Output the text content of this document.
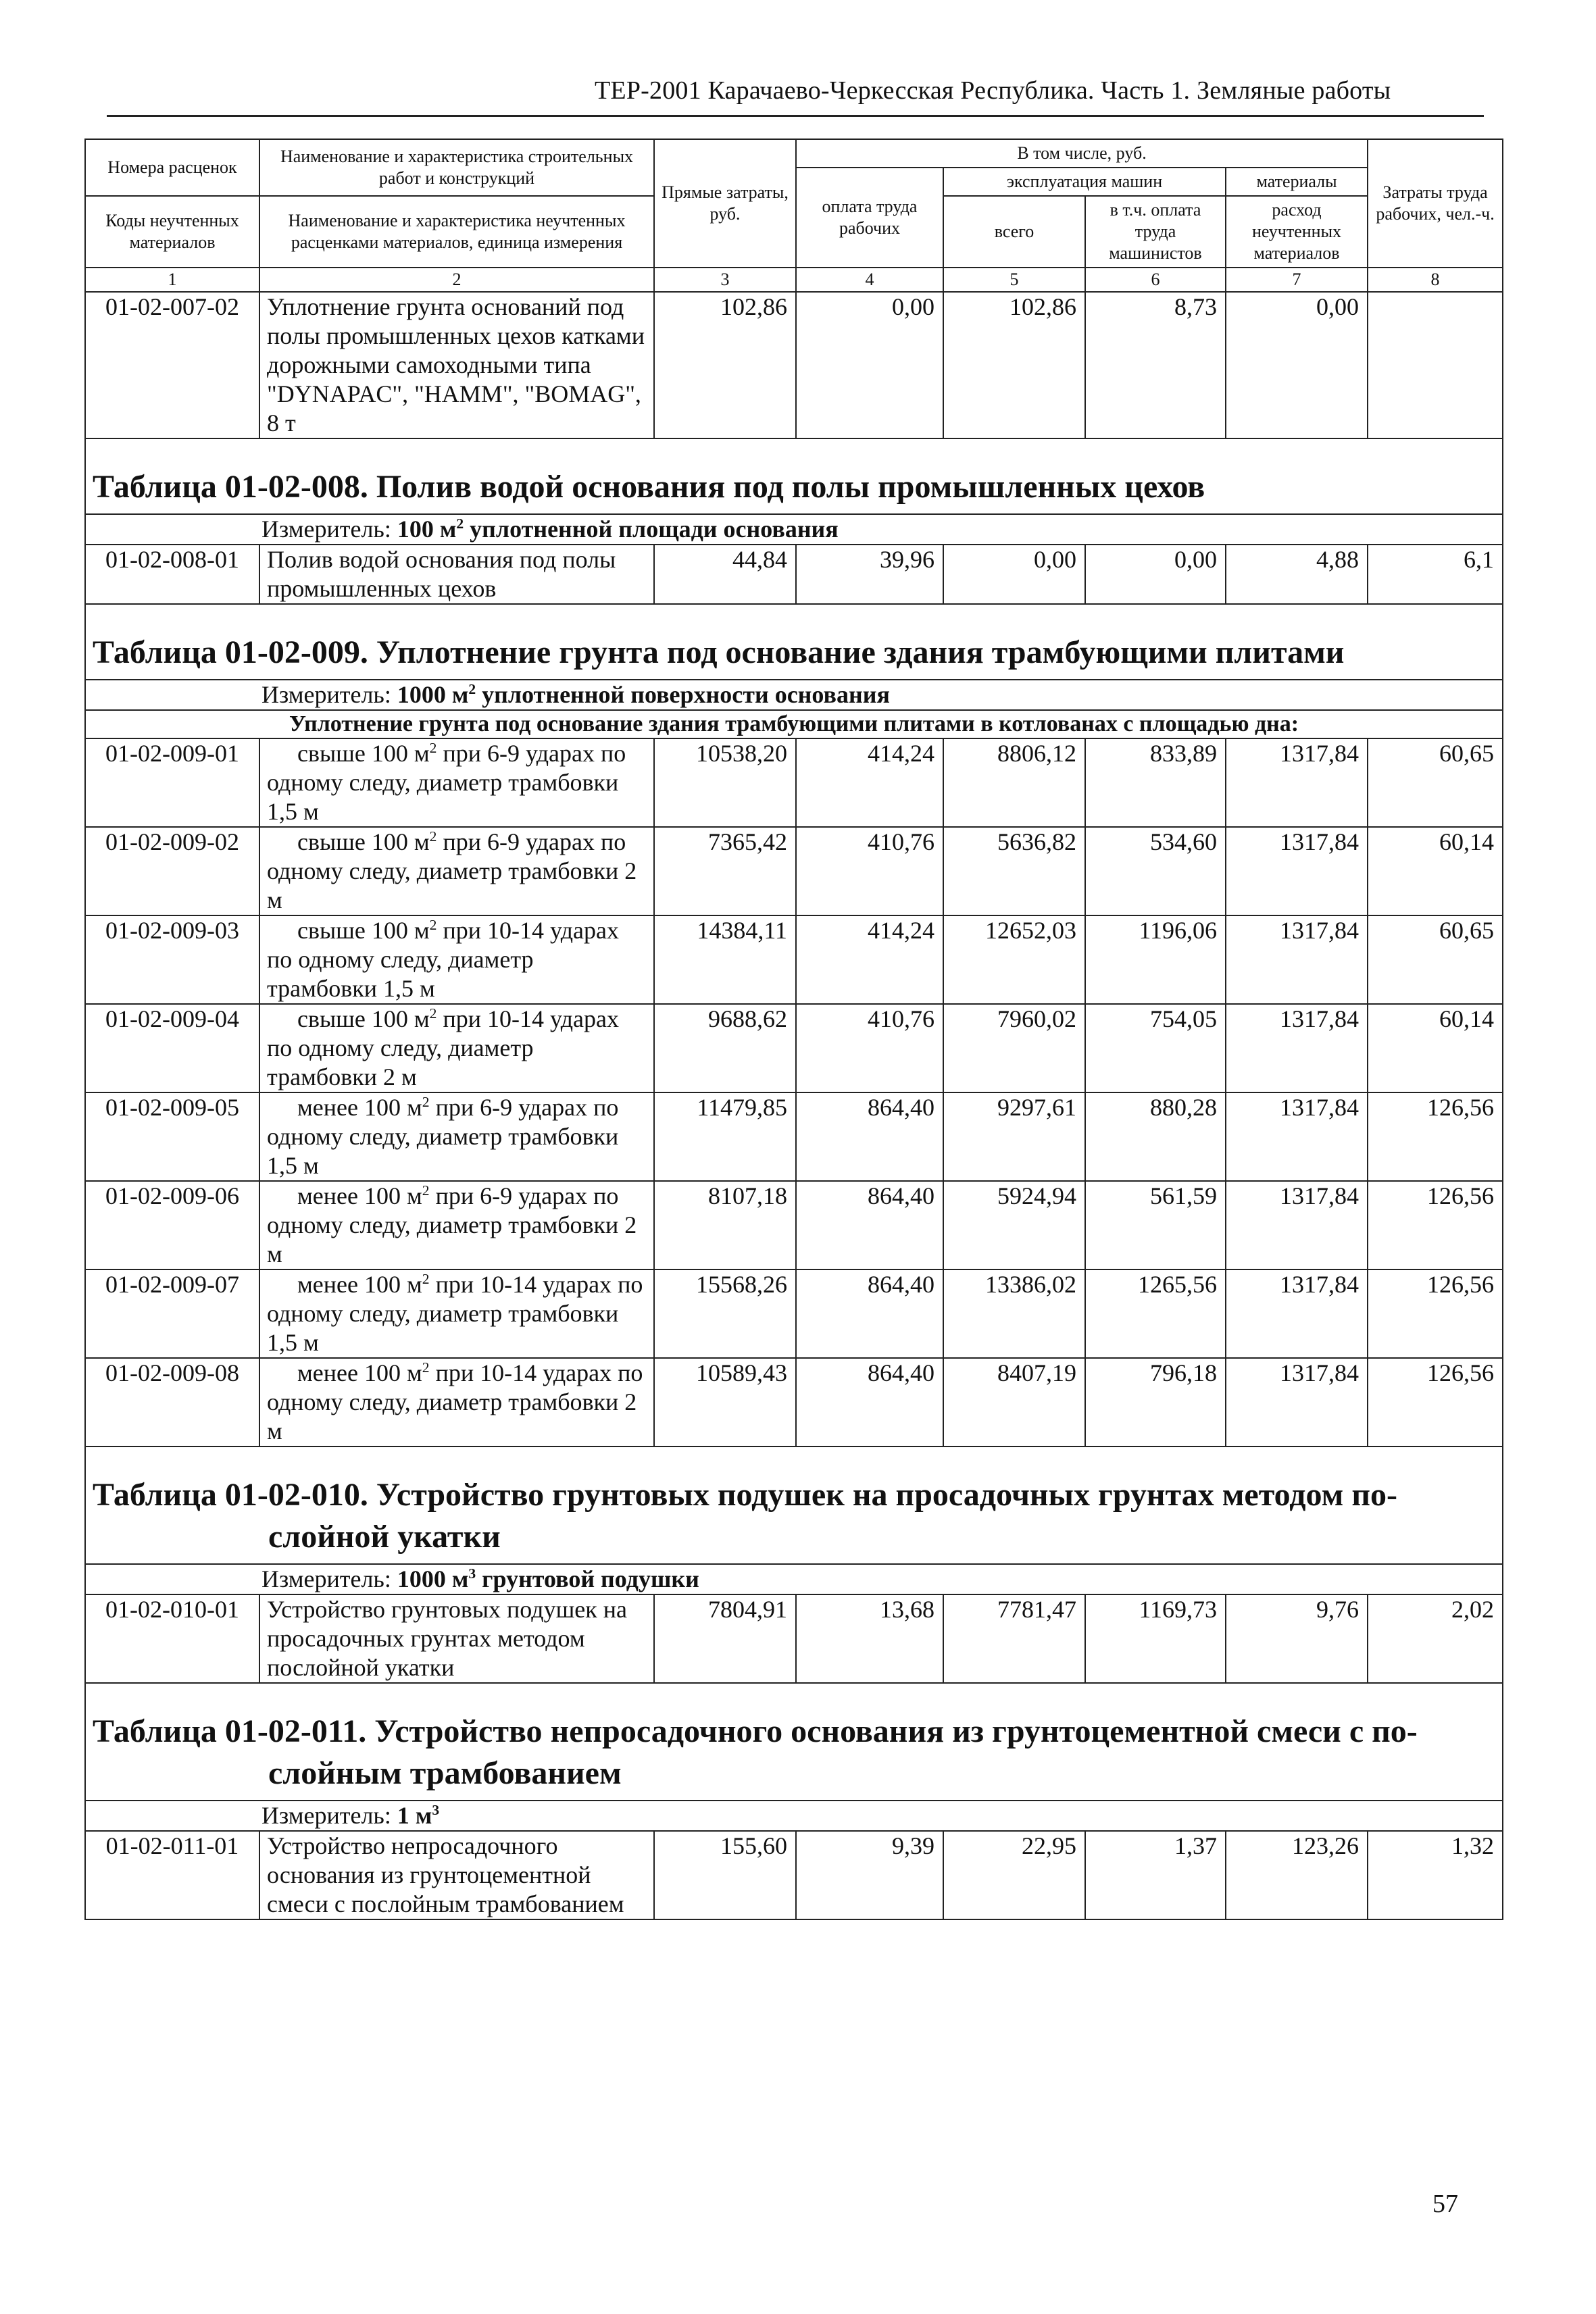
ТЕР-2001 Карачаево-Черкесская Республика. Часть 1. Земляные работы
Номера расценок	Наименование и характеристика строительных работ и конструкций	Прямые затраты, руб.	В том числе, руб.				Затраты труда рабочих, чел.-ч.
			оплата труда рабочих	эксплуатация машин		материалы	
Коды неучтенных материалов	Наименование и характеристика неучтенных расценками материалов, единица измерения			всего	в т.ч. оплата труда машинистов	расход неучтенных материалов	

1	2	3	4	5	6	7	8
01-02-007-02	Уплотнение грунта оснований под полы промышленных цехов катками дорожными самоходными типа "DYNAPAC", "HAMM", "BOMAG", 8 т	102,86	0,00	102,86	8,73	0,00	
Таблица 01-02-008. Полив водой основания под полы промышленных цехов							
Измеритель: 100 $м^2$ уплотненной площади основания							
01-02-008-01	Полив водой основания под полы промышленных цехов	44,84	39,96	0,00	0,00	4,88	6,1
Таблица 01-02-009. Уплотнение грунта под основание здания трамбующими плитами							
Измеритель: 1000 $м^2$ уплотненной поверхности основания							
Уплотнение грунта под основание здания трамбующими плитами в котлованах с площадью дна:							
01-02-009-01	свыше 100 $м^2$ при 6-9 ударах по одному следу, диаметр трамбовки 1,5 м	10538,20	414,24	8806,12	833,89	1317,84	60,65
01-02-009-02	свыше 100 $м^2$ при 6-9 ударах по одному следу, диаметр трамбовки 2 м	7365,42	410,76	5636,82	534,60	1317,84	60,14
01-02-009-03	свыше 100 $м^2$ при 10-14 ударах по одному следу, диаметр трамбовки 1,5 м	14384,11	414,24	12652,03	1196,06	1317,84	60,65
01-02-009-04	свыше 100 $м^2$ при 10-14 ударах по одному следу, диаметр трамбовки 2 м	9688,62	410,76	7960,02	754,05	1317,84	60,14
01-02-009-05	менее 100 $м^2$ при 6-9 ударах по одному следу, диаметр трамбовки 1,5 м	11479,85	864,40	9297,61	880,28	1317,84	126,56
01-02-009-06	менее 100 $м^2$ при 6-9 ударах по одному следу, диаметр трамбовки 2 м	8107,18	864,40	5924,94	561,59	1317,84	126,56
01-02-009-07	менее 100 $м^2$ при 10-14 ударах по одному следу, диаметр трамбовки 1,5 м	15568,26	864,40	13386,02	1265,56	1317,84	126,56
01-02-009-08	менее 100 $м^2$ при 10-14 ударах по одному следу, диаметр трамбовки 2 м	10589,43	864,40	8407,19	796,18	1317,84	126,56
Таблица 01-02-010. Устройство грунтовых подушек на просадочных грунтах методом по-
слойной укатки							

Измеритель: 1000 $м^3$ грунтовой подушки							
01-02-010-01	Устройство грунтовых подушек на просадочных грунтах методом послойной укатки	7804,91	13,68	7781,47	1169,73	9,76	2,02
Таблица 01-02-011. Устройство непросадочного основания из грунтоцементной смеси с по-
слойным трамбованием							

Измеритель: 1 $м^3$
01-02-011-01	Устройство непросадочного основания из грунтоцементной смеси с послойным трамбованием	155,60	9,39	22,95	1,37	123,26	1,32
57
